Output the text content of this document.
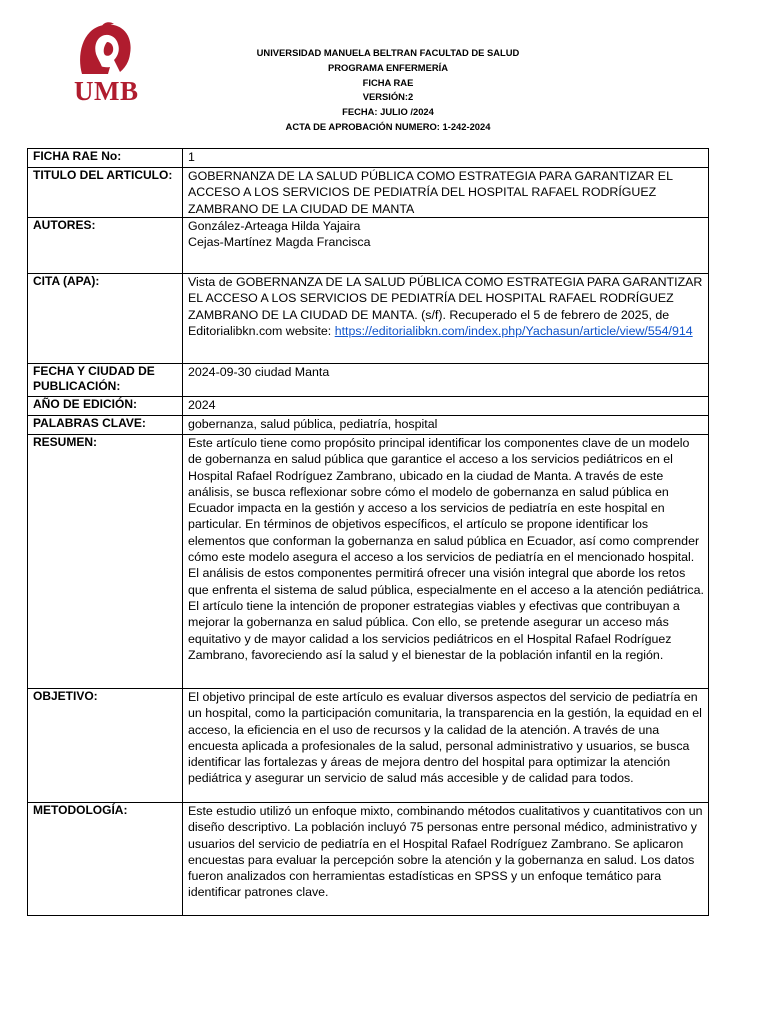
UMB
UNIVERSIDAD MANUELA BELTRAN FACULTAD DE SALUD
PROGRAMA ENFERMERÍA
FICHA RAE
VERSIÓN:2
FECHA: JULIO /2024
ACTA DE APROBACIÓN NUMERO: 1-242-2024
FICHA RAE No:	1
TITULO DEL ARTICULO:	GOBERNANZA DE LA SALUD PÚBLICA COMO ESTRATEGIA PARA GARANTIZAR EL ACCESO A LOS SERVICIOS DE PEDIATRÍA DEL HOSPITAL RAFAEL RODRÍGUEZ ZAMBRANO DE LA CIUDAD DE MANTA
AUTORES:	González-Arteaga Hilda Yajaira
Cejas-Martínez Magda Francisca

CITA (APA):	Vista de GOBERNANZA DE LA SALUD PÚBLICA COMO ESTRATEGIA PARA GARANTIZAR EL ACCESO A LOS SERVICIOS DE PEDIATRÍA DEL HOSPITAL RAFAEL RODRÍGUEZ ZAMBRANO DE LA CIUDAD DE MANTA. (s/f). Recuperado el 5 de febrero de 2025, de Editorialibkn.com website: https://editorialibkn.com/index.php/Yachasun/article/view/554/914
FECHA Y CIUDAD DE PUBLICACIÓN:	2024-09-30 ciudad Manta
AÑO DE EDICIÓN:	2024
PALABRAS CLAVE:	gobernanza, salud pública, pediatría, hospital
RESUMEN:	Este artículo tiene como propósito principal identificar los componentes clave de un modelo de gobernanza en salud pública que garantice el acceso a los servicios pediátricos en el Hospital Rafael Rodríguez Zambrano, ubicado en la ciudad de Manta. A través de este análisis, se busca reflexionar sobre cómo el modelo de gobernanza en salud pública en Ecuador impacta en la gestión y acceso a los servicios de pediatría en este hospital en particular. En términos de objetivos específicos, el artículo se propone identificar los elementos que conforman la gobernanza en salud pública en Ecuador, así como comprender cómo este modelo asegura el acceso a los servicios de pediatría en el mencionado hospital.

El análisis de estos componentes permitirá ofrecer una visión integral que aborde los retos que enfrenta el sistema de salud pública, especialmente en el acceso a la atención pediátrica. El artículo tiene la intención de proponer estrategias viables y efectivas que contribuyan a mejorar la gobernanza en salud pública. Con ello, se pretende asegurar un acceso más equitativo y de mayor calidad a los servicios pediátricos en el Hospital Rafael Rodríguez Zambrano, favoreciendo así la salud y el bienestar de la población infantil en la región.

OBJETIVO:	El objetivo principal de este artículo es evaluar diversos aspectos del servicio de pediatría en un hospital, como la participación comunitaria, la transparencia en la gestión, la equidad en el acceso, la eficiencia en el uso de recursos y la calidad de la atención. A través de una encuesta aplicada a profesionales de la salud, personal administrativo y usuarios, se busca identificar las fortalezas y áreas de mejora dentro del hospital para optimizar la atención pediátrica y asegurar un servicio de salud más accesible y de calidad para todos.
METODOLOGÍA:	Este estudio utilizó un enfoque mixto, combinando métodos cualitativos y cuantitativos con un diseño descriptivo. La población incluyó 75 personas entre personal médico, administrativo y usuarios del servicio de pediatría en el Hospital Rafael Rodríguez Zambrano. Se aplicaron encuestas para evaluar la percepción sobre la atención y la gobernanza en salud. Los datos fueron analizados con herramientas estadísticas en SPSS y un enfoque temático para identificar patrones clave.
